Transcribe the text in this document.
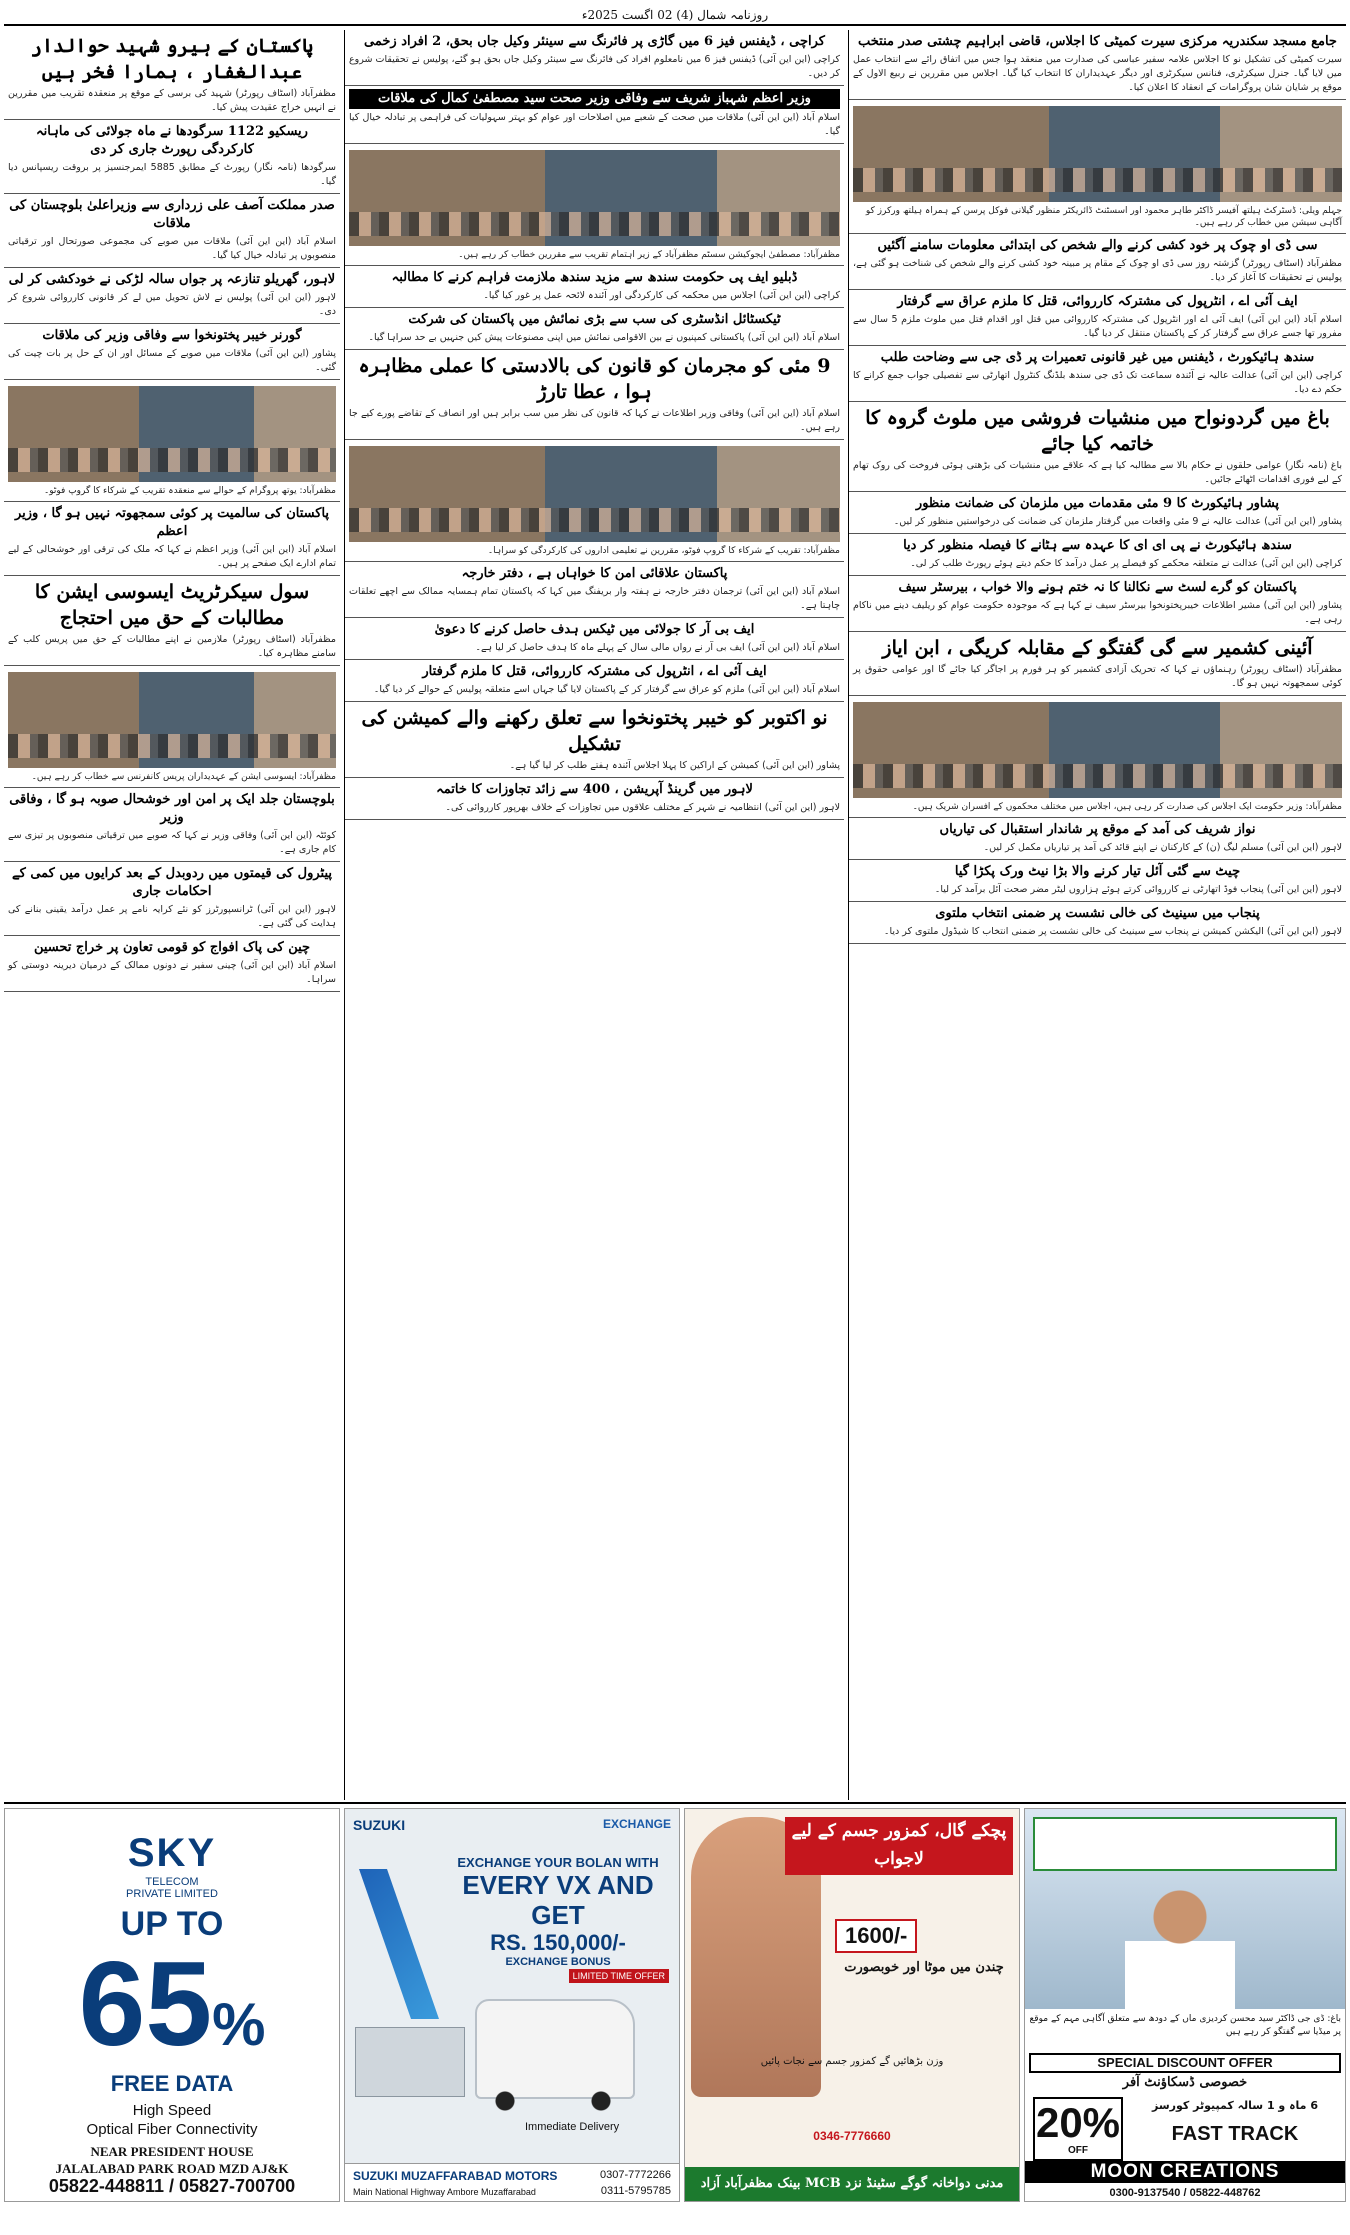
روزنامہ شمال (4) 02 اگست 2025ء
جامع مسجد سکندریہ مرکزی سیرت کمیٹی کا اجلاس، قاضی ابراہیم چشتی صدر منتخب
سیرت کمیٹی کی تشکیل نو کا اجلاس علامہ سفیر عباسی کی صدارت میں منعقد ہوا جس میں اتفاق رائے سے انتخاب عمل میں لایا گیا۔ جنرل سیکرٹری، فنانس سیکرٹری اور دیگر عہدیداران کا انتخاب کیا گیا۔ اجلاس میں مقررین نے ربیع الاول کے موقع پر شایان شان پروگرامات کے انعقاد کا اعلان کیا۔
جہلم ویلی: ڈسٹرکٹ ہیلتھ آفیسر ڈاکٹر طاہر محمود اور اسسٹنٹ ڈائریکٹر منظور گیلانی فوکل پرسن کے ہمراہ ہیلتھ ورکرز کو آگاہی سیشن میں خطاب کر رہے ہیں۔
سی ڈی او چوک پر خود کشی کرنے والے شخص کی ابتدائی معلومات سامنے آگئیں
مظفرآباد (اسٹاف رپورٹر) گزشتہ روز سی ڈی او چوک کے مقام پر مبینہ خود کشی کرنے والے شخص کی شناخت ہو گئی ہے، پولیس نے تحقیقات کا آغاز کر دیا۔
ایف آئی اے ، انٹرپول کی مشترکہ کارروائی، قتل کا ملزم عراق سے گرفتار
اسلام آباد (این این آئی) ایف آئی اے اور انٹرپول کی مشترکہ کارروائی میں قتل اور اقدام قتل میں ملوث ملزم 5 سال سے مفرور تھا جسے عراق سے گرفتار کر کے پاکستان منتقل کر دیا گیا۔
سندھ ہائیکورٹ ، ڈیفنس میں غیر قانونی تعمیرات پر ڈی جی سے وضاحت طلب
کراچی (این این آئی) عدالت عالیہ نے آئندہ سماعت تک ڈی جی سندھ بلڈنگ کنٹرول اتھارٹی سے تفصیلی جواب جمع کرانے کا حکم دے دیا۔
باغ میں گردونواح میں منشیات فروشی میں ملوث گروہ کا خاتمہ کیا جائے
باغ (نامہ نگار) عوامی حلقوں نے حکام بالا سے مطالبہ کیا ہے کہ علاقے میں منشیات کی بڑھتی ہوئی فروخت کی روک تھام کے لیے فوری اقدامات اٹھائے جائیں۔
پشاور ہائیکورٹ کا 9 مئی مقدمات میں ملزمان کی ضمانت منظور
پشاور (این این آئی) عدالت عالیہ نے 9 مئی واقعات میں گرفتار ملزمان کی ضمانت کی درخواستیں منظور کر لیں۔
سندھ ہائیکورٹ نے پی ای ای کا عہدہ سے ہٹانے کا فیصلہ منظور کر دیا
کراچی (این این آئی) عدالت نے متعلقہ محکمے کو فیصلے پر عمل درآمد کا حکم دیتے ہوئے رپورٹ طلب کر لی۔
پاکستان کو گرے لسٹ سے نکالنا کا نہ ختم ہونے والا خواب ، بیرسٹر سیف
پشاور (این این آئی) مشیر اطلاعات خیبرپختونخوا بیرسٹر سیف نے کہا ہے کہ موجودہ حکومت عوام کو ریلیف دینے میں ناکام رہی ہے۔
آئینی کشمیر سے گی گفتگو کے مقابلہ کریگی ، ابن ایاز
مظفرآباد (اسٹاف رپورٹر) رہنماؤں نے کہا کہ تحریک آزادی کشمیر کو ہر فورم پر اجاگر کیا جائے گا اور عوامی حقوق پر کوئی سمجھوتہ نہیں ہو گا۔
مظفرآباد: وزیر حکومت ایک اجلاس کی صدارت کر رہی ہیں، اجلاس میں مختلف محکموں کے افسران شریک ہیں۔
نواز شریف کی آمد کے موقع پر شاندار استقبال کی تیاریاں
لاہور (این این آئی) مسلم لیگ (ن) کے کارکنان نے اپنے قائد کی آمد پر تیاریاں مکمل کر لیں۔
چیٹ سے گئی آئل تیار کرنے والا بڑا نیٹ ورک پکڑا گیا
لاہور (این این آئی) پنجاب فوڈ اتھارٹی نے کارروائی کرتے ہوئے ہزاروں لیٹر مضر صحت آئل برآمد کر لیا۔
پنجاب میں سینیٹ کی خالی نشست پر ضمنی انتخاب ملتوی
لاہور (این این آئی) الیکشن کمیشن نے پنجاب سے سینیٹ کی خالی نشست پر ضمنی انتخاب کا شیڈول ملتوی کر دیا۔
کراچی ، ڈیفنس فیز 6 میں گاڑی پر فائرنگ سے سینئر وکیل جاں بحق، 2 افراد زخمی
کراچی (این این آئی) ڈیفنس فیز 6 میں نامعلوم افراد کی فائرنگ سے سینئر وکیل جاں بحق ہو گئے، پولیس نے تحقیقات شروع کر دیں۔
وزیر اعظم شہباز شریف سے وفاقی وزیر صحت سید مصطفیٰ کمال کی ملاقات
اسلام آباد (این این آئی) ملاقات میں صحت کے شعبے میں اصلاحات اور عوام کو بہتر سہولیات کی فراہمی پر تبادلہ خیال کیا گیا۔
مظفرآباد: مصطفیٰ ایجوکیشن سسٹم مظفرآباد کے زیر اہتمام تقریب سے مقررین خطاب کر رہے ہیں۔
ڈبلیو ایف پی حکومت سندھ سے مزید سندھ ملازمت فراہم کرنے کا مطالبہ
کراچی (این این آئی) اجلاس میں محکمہ کی کارکردگی اور آئندہ لائحہ عمل پر غور کیا گیا۔
ٹیکسٹائل انڈسٹری کی سب سے بڑی نمائش میں پاکستان کی شرکت
اسلام آباد (این این آئی) پاکستانی کمپنیوں نے بین الاقوامی نمائش میں اپنی مصنوعات پیش کیں جنہیں بے حد سراہا گیا۔
9 مئی کو مجرمان کو قانون کی بالادستی کا عملی مظاہرہ ہوا ، عطا تارڑ
اسلام آباد (این این آئی) وفاقی وزیر اطلاعات نے کہا کہ قانون کی نظر میں سب برابر ہیں اور انصاف کے تقاضے پورے کیے جا رہے ہیں۔
مظفرآباد: تقریب کے شرکاء کا گروپ فوٹو، مقررین نے تعلیمی اداروں کی کارکردگی کو سراہا۔
پاکستان علاقائی امن کا خواہاں ہے ، دفتر خارجہ
اسلام آباد (این این آئی) ترجمان دفتر خارجہ نے ہفتہ وار بریفنگ میں کہا کہ پاکستان تمام ہمسایہ ممالک سے اچھے تعلقات چاہتا ہے۔
ایف بی آر کا جولائی میں ٹیکس ہدف حاصل کرنے کا دعویٰ
اسلام آباد (این این آئی) ایف بی آر نے رواں مالی سال کے پہلے ماہ کا ہدف حاصل کر لیا ہے۔
ایف آئی اے ، انٹرپول کی مشترکہ کارروائی، قتل کا ملزم گرفتار
اسلام آباد (این این آئی) ملزم کو عراق سے گرفتار کر کے پاکستان لایا گیا جہاں اسے متعلقہ پولیس کے حوالے کر دیا گیا۔
نو اکتوبر کو خیبر پختونخوا سے تعلق رکھنے والے کمیشن کی تشکیل
پشاور (این این آئی) کمیشن کے اراکین کا پہلا اجلاس آئندہ ہفتے طلب کر لیا گیا ہے۔
لاہور میں گرینڈ آپریشن ، 400 سے زائد تجاوزات کا خاتمہ
لاہور (این این آئی) انتظامیہ نے شہر کے مختلف علاقوں میں تجاوزات کے خلاف بھرپور کارروائی کی۔
پاکستان کے ہیرو شہید حوالدار عبدالغفار ، ہمارا فخر ہیں
مظفرآباد (اسٹاف رپورٹر) شہید کی برسی کے موقع پر منعقدہ تقریب میں مقررین نے انہیں خراج عقیدت پیش کیا۔
ریسکیو 1122 سرگودھا نے ماہ جولائی کی ماہانہ کارکردگی رپورٹ جاری کر دی
سرگودھا (نامہ نگار) رپورٹ کے مطابق 5885 ایمرجنسیز پر بروقت ریسپانس دیا گیا۔
صدر مملکت آصف علی زرداری سے وزیراعلیٰ بلوچستان کی ملاقات
اسلام آباد (این این آئی) ملاقات میں صوبے کی مجموعی صورتحال اور ترقیاتی منصوبوں پر تبادلہ خیال کیا گیا۔
لاہور، گھریلو تنازعہ پر جواں سالہ لڑکی نے خودکشی کر لی
لاہور (این این آئی) پولیس نے لاش تحویل میں لے کر قانونی کارروائی شروع کر دی۔
گورنر خیبر پختونخوا سے وفاقی وزیر کی ملاقات
پشاور (این این آئی) ملاقات میں صوبے کے مسائل اور ان کے حل پر بات چیت کی گئی۔
مظفرآباد: یوتھ پروگرام کے حوالے سے منعقدہ تقریب کے شرکاء کا گروپ فوٹو۔
پاکستان کی سالمیت پر کوئی سمجھوتہ نہیں ہو گا ، وزیر اعظم
اسلام آباد (این این آئی) وزیر اعظم نے کہا کہ ملک کی ترقی اور خوشحالی کے لیے تمام ادارے ایک صفحے پر ہیں۔
سول سیکرٹریٹ ایسوسی ایشن کا مطالبات کے حق میں احتجاج
مظفرآباد (اسٹاف رپورٹر) ملازمین نے اپنے مطالبات کے حق میں پریس کلب کے سامنے مظاہرہ کیا۔
مظفرآباد: ایسوسی ایشن کے عہدیداران پریس کانفرنس سے خطاب کر رہے ہیں۔
بلوچستان جلد ایک پر امن اور خوشحال صوبہ ہو گا ، وفاقی وزیر
کوئٹہ (این این آئی) وفاقی وزیر نے کہا کہ صوبے میں ترقیاتی منصوبوں پر تیزی سے کام جاری ہے۔
پیٹرول کی قیمتوں میں ردوبدل کے بعد کرایوں میں کمی کے احکامات جاری
لاہور (این این آئی) ٹرانسپورٹرز کو نئے کرایہ نامے پر عمل درآمد یقینی بنانے کی ہدایت کی گئی ہے۔
چین کی پاک افواج کو قومی تعاون پر خراج تحسین
اسلام آباد (این این آئی) چینی سفیر نے دونوں ممالک کے درمیان دیرینہ دوستی کو سراہا۔
SKY
TELECOM
PRIVATE LIMITED
UP TO
65%
FREE DATA
High Speed
Optical Fiber Connectivity
NEAR PRESIDENT HOUSE
JALALABAD PARK ROAD MZD AJ&K
05822-448811 / 05827-700700
SUZUKI	EXCHANGE
EXCHANGE YOUR BOLAN WITH
EVERY VX AND GET
RS. 150,000/-
EXCHANGE BONUS
LIMITED TIME OFFER
Immediate Delivery
SUZUKI MUZAFFARABAD MOTORS
Main National Highway Ambore Muzaffarabad
0307-7772266
0311-5795785
پچکے گال، کمزور جسم کے لیے لاجواب
1600/-
چندن میں موٹا اور خوبصورت
وزن بڑھائیں گے کمزور جسم سے نجات پائیں
0346-7776660
مدنی دواخانہ گوگے سٹینڈ نزد MCB بینک مظفرآباد آزاد کشمیر
باغ: ڈی جی ڈاکٹر سید محسن کردیزی ماں کے دودھ سے متعلق آگاہی مہم کے موقع پر میڈیا سے گفتگو کر رہے ہیں
SPECIAL DISCOUNT OFFER
خصوصی ڈسکاؤنٹ آفر
20%
OFF
6 ماہ و 1 سالہ کمپیوٹر کورسز
FAST TRACK
MOON CREATIONS
0300-9137540 / 05822-448762
